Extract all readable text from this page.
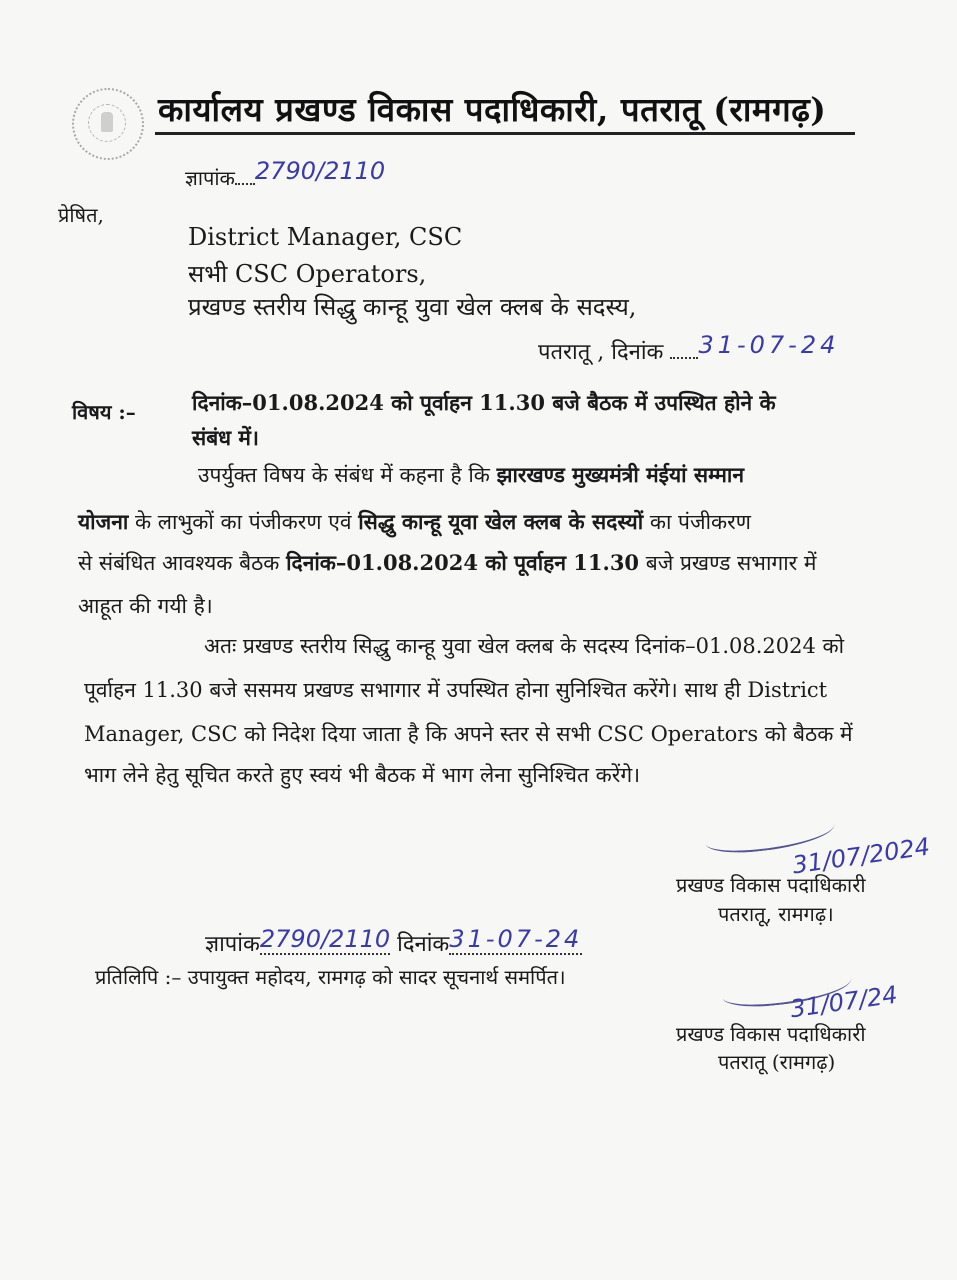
कार्यालय प्रखण्ड विकास पदाधिकारी, पतरातू (रामगढ़)
ज्ञापांक 2790/2110
प्रेषित,
District Manager, CSC
सभी CSC Operators,
प्रखण्ड स्तरीय सिद्धु कान्हू युवा खेल क्लब के सदस्य,
पतरातू , दिनांक 31-07-24
विषय :–	दिनांक–01.08.2024 को पूर्वाहन 11.30 बजे बैठक में उपस्थित होने के
संबंध में।
उपर्युक्त विषय के संबंध में कहना है कि झारखण्ड मुख्यमंत्री मंईयां सम्मान
योजना के लाभुकों का पंजीकरण एवं सिद्धु कान्हू यूवा खेल क्लब के सदस्यों का पंजीकरण
से संबंधित आवश्यक बैठक दिनांक–01.08.2024 को पूर्वाहन 11.30 बजे प्रखण्ड सभागार में
आहूत की गयी है।
अतः प्रखण्ड स्तरीय सिद्धु कान्हू युवा खेल क्लब के सदस्य दिनांक–01.08.2024 को
पूर्वाहन 11.30 बजे ससमय प्रखण्ड सभागार में उपस्थित होना सुनिश्चित करेंगे। साथ ही District
Manager, CSC को निदेश दिया जाता है कि अपने स्तर से सभी CSC Operators को बैठक में
भाग लेने हेतु सूचित करते हुए स्वयं भी बैठक में भाग लेना सुनिश्चित करेंगे।
31/07/2024
प्रखण्ड विकास पदाधिकारी
पतरातू, रामगढ़।
ज्ञापांक2790/2110 दिनांक31-07-24
प्रतिलिपि :– उपायुक्त महोदय, रामगढ़ को सादर सूचनार्थ समर्पित।
31/07/24
प्रखण्ड विकास पदाधिकारी
पतरातू (रामगढ़)
